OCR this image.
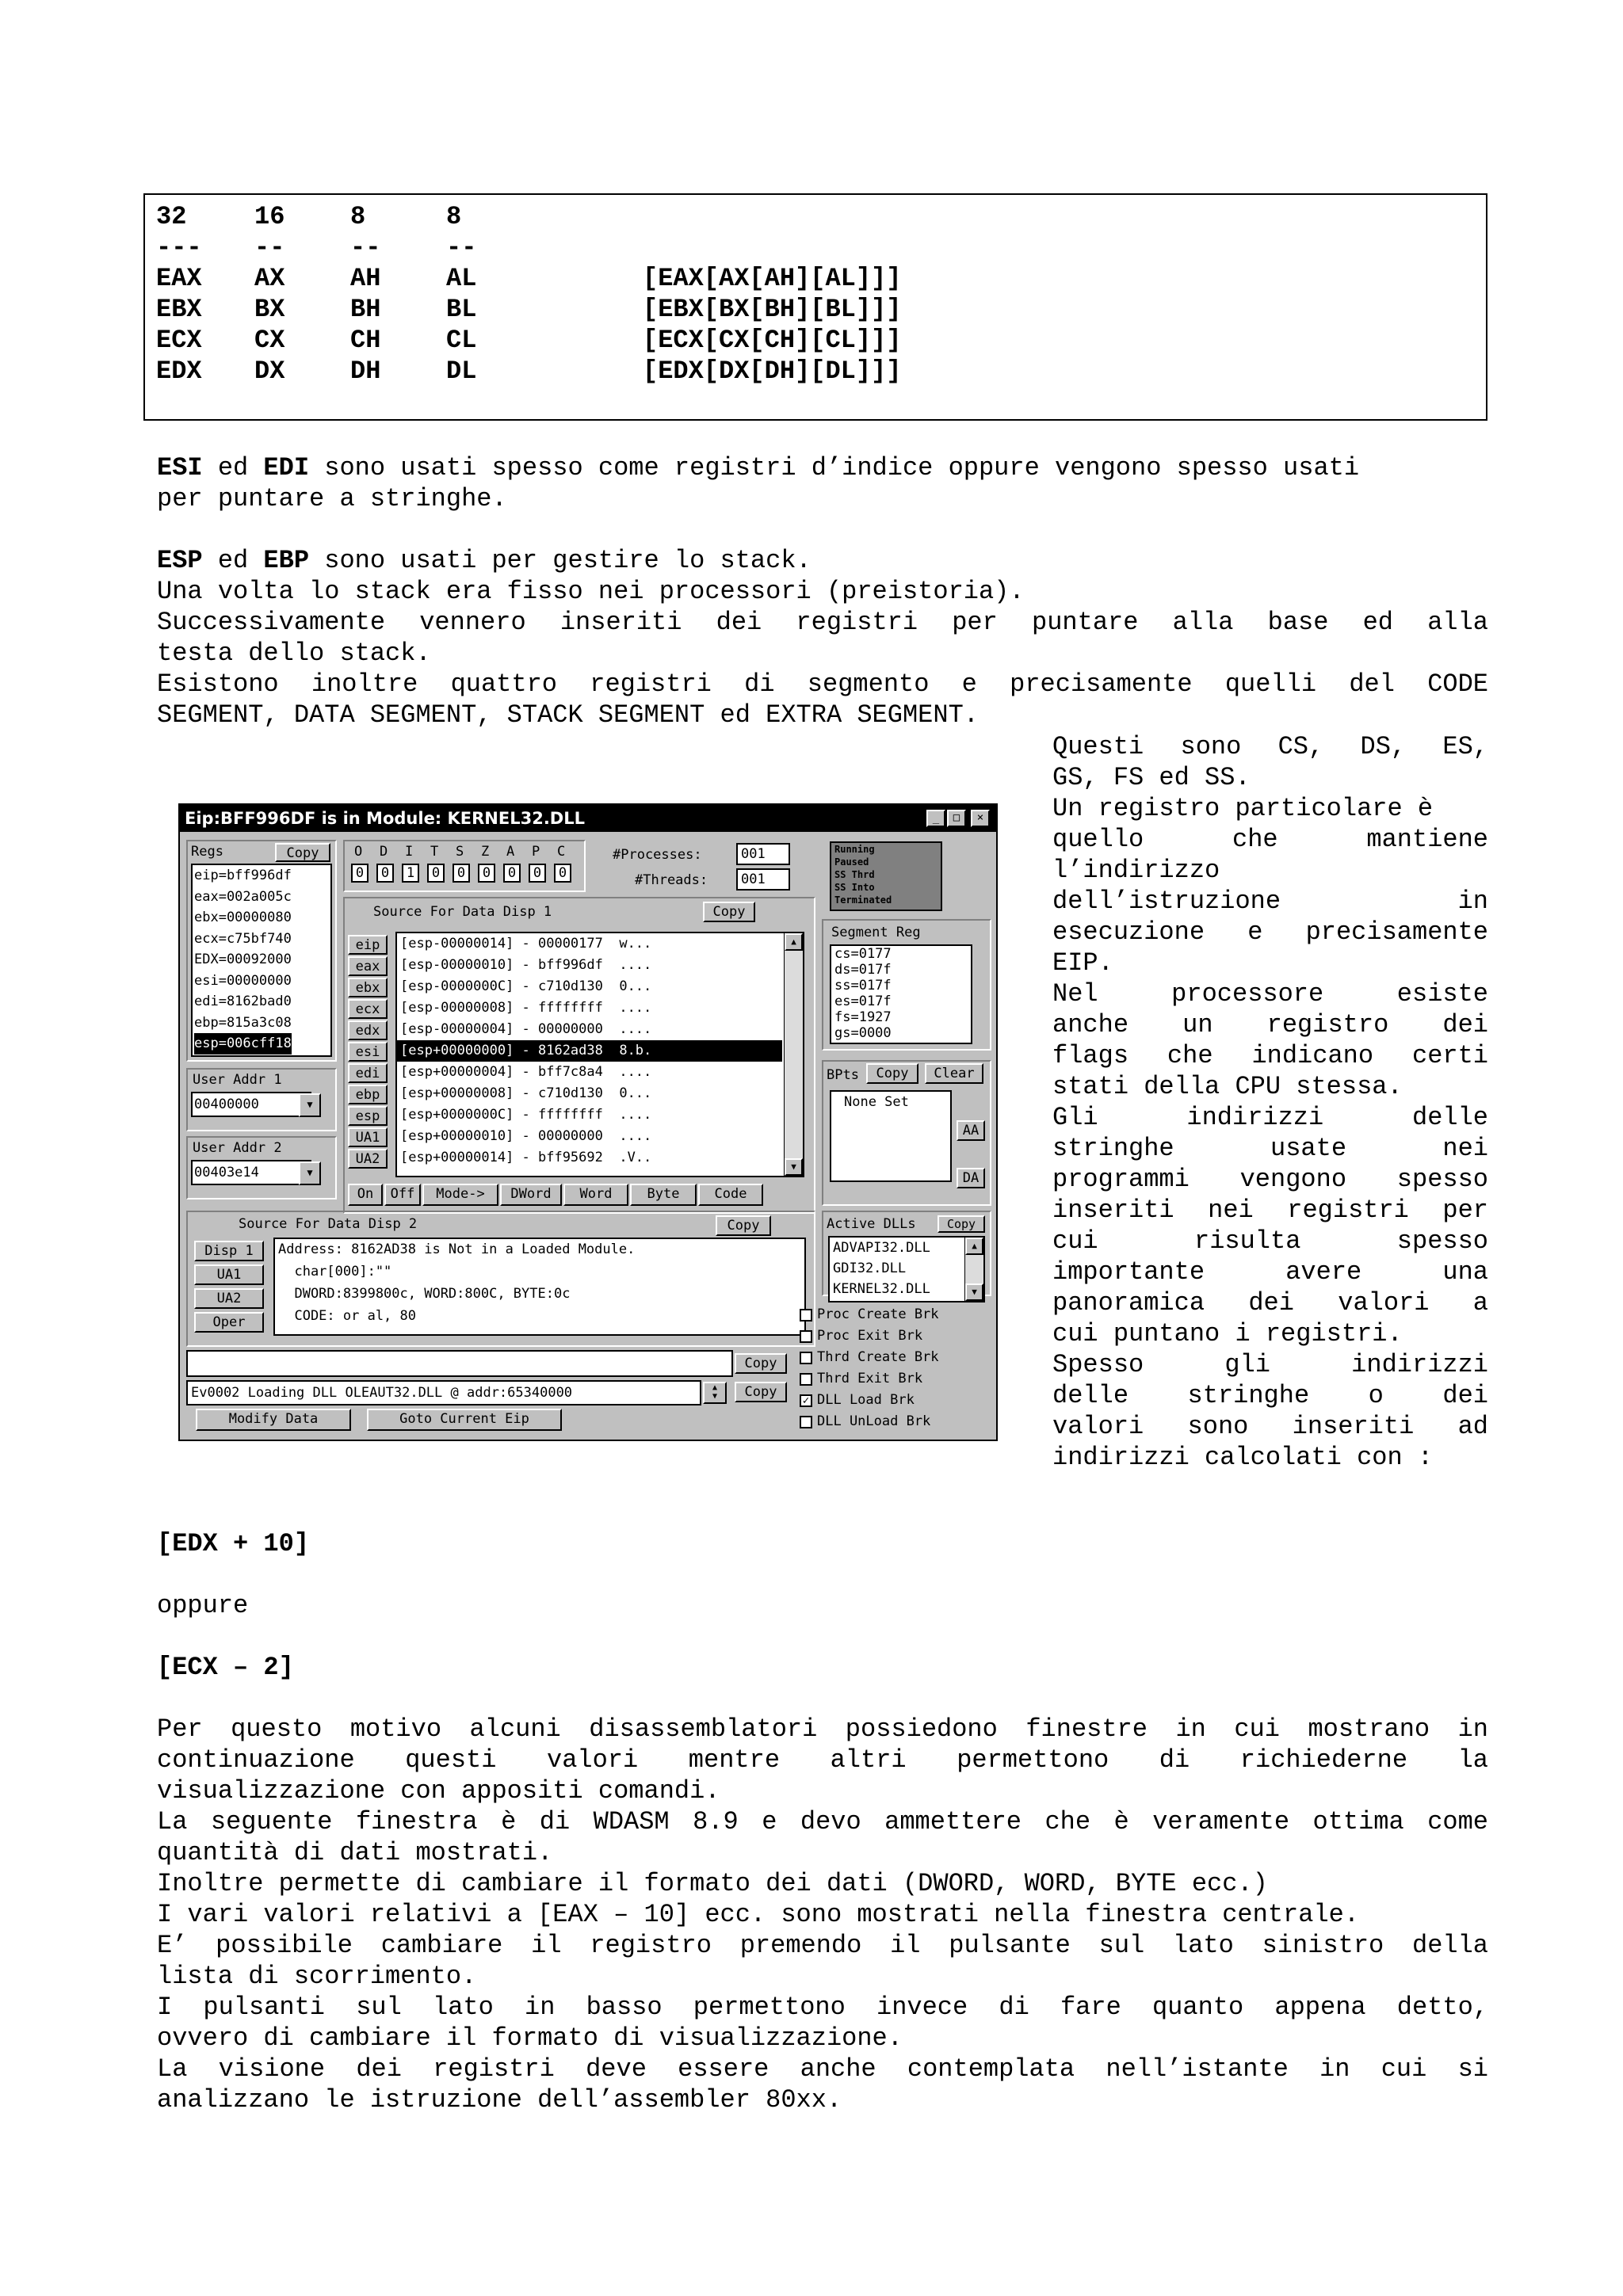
32	16	8	8
--- --	--	--
EAX AX	AH	AL	[EAX[AX[AH][AL]]]
EBX BX	BH	BL	[EBX[BX[BH][BL]]]
ECX CX	CH	CL	[ECX[CX[CH][CL]]]
EDX DX	DH	DL	[EDX[DX[DH][DL]]]
ESI ed EDI sono usati spesso come registri d’indice oppure vengono spesso usati
per puntare a stringhe.
ESP ed EBP sono usati per gestire lo stack.
Una volta lo stack era fisso nei processori (preistoria).
Successivamente vennero inseriti dei registri per puntare alla base ed alla
testa dello stack.
Esistono inoltre quattro registri di segmento e precisamente quelli del CODE
SEGMENT, DATA SEGMENT, STACK SEGMENT ed EXTRA SEGMENT.
Questi sono CS, DS, ES,
GS, FS ed SS.
Un registro particolare è
quello che mantiene
l’indirizzo
dell’istruzione in
esecuzione e precisamente
EIP.
Nel processore esiste
anche un registro dei
flags che indicano certi
stati della CPU stessa.
Gli indirizzi delle
stringhe usate nei
programmi vengono spesso
inseriti nei registri per
cui risulta spesso
importante avere una
panoramica dei valori a
cui puntano i registri.
Spesso gli indirizzi
delle stringhe o dei
valori sono inseriti ad
indirizzi calcolati con :
Eip:BFF996DF is in Module: KERNEL32.DLL	_	□	×
Regs	Copy
eip=bff996df
eax=002a005c
ebx=00000080
ecx=c75bf740
EDX=00092000
esi=00000000
edi=8162bad0
ebp=815a3c08
esp=006cff18
O
0
D
0
I
1
T
0
S
0
Z
0
A
0
P
0
C
0
#Processes:	001
#Threads:	001
Running
Paused
SS Thrd
SS Into
Terminated
Source For Data Disp 1	Copy
eip
eax
ebx
ecx
edx
esi
edi
ebp
esp
UA1
UA2
[esp-00000014] - 00000177  w...
[esp-00000010] - bff996df  ....
[esp-0000000C] - c710d130  0...
[esp-00000008] - ffffffff  ....
[esp-00000004] - 00000000  ....
[esp+00000000] - 8162ad38  8.b.
[esp+00000004] - bff7c8a4  ....
[esp+00000008] - c710d130  0...
[esp+0000000C] - ffffffff  ....
[esp+00000010] - 00000000  ....
[esp+00000014] - bff95692  .V..
▲
▼
On	Off	Mode->	DWord	Word	Byte	Code
Segment Reg
cs=0177
ds=017f
ss=017f
es=017f
fs=1927
gs=0000
BPts	Copy	Clear
None Set
AA
DA
User Addr 1
00400000	▼
User Addr 2
00403e14	▼
Source For Data Disp 2	Copy
Disp 1
UA1
UA2
Oper
Address: 8162AD38 is Not in a Loaded Module.
char[000]:""
DWORD:8399800c, WORD:800C, BYTE:0c
CODE: or al, 80
Active DLLs	Copy
ADVAPI32.DLL
GDI32.DLL
KERNEL32.DLL
▲
▼
Copy
Ev0002 Loading DLL OLEAUT32.DLL @ addr:65340000	▲
▼	Copy
Modify Data	Goto Current Eip
Proc Create Brk
Proc Exit Brk
Thrd Create Brk
Thrd Exit Brk
✓ DLL Load Brk
DLL UnLoad Brk
[EDX + 10]
oppure
[ECX – 2]
Per questo motivo alcuni disassemblatori possiedono finestre in cui mostrano in
continuazione questi valori mentre altri permettono di richiederne la
visualizzazione con appositi comandi.
La seguente finestra è di WDASM 8.9 e devo ammettere che è veramente ottima come
quantità di dati mostrati.
Inoltre permette di cambiare il formato dei dati (DWORD, WORD, BYTE ecc.)
I vari valori relativi a [EAX – 10] ecc. sono mostrati nella finestra centrale.
E’ possibile cambiare il registro premendo il pulsante sul lato sinistro della
lista di scorrimento.
I pulsanti sul lato in basso permettono invece di fare quanto appena detto,
ovvero di cambiare il formato di visualizzazione.
La visione dei registri deve essere anche contemplata nell’istante in cui si
analizzano le istruzione dell’assembler 80xx.
